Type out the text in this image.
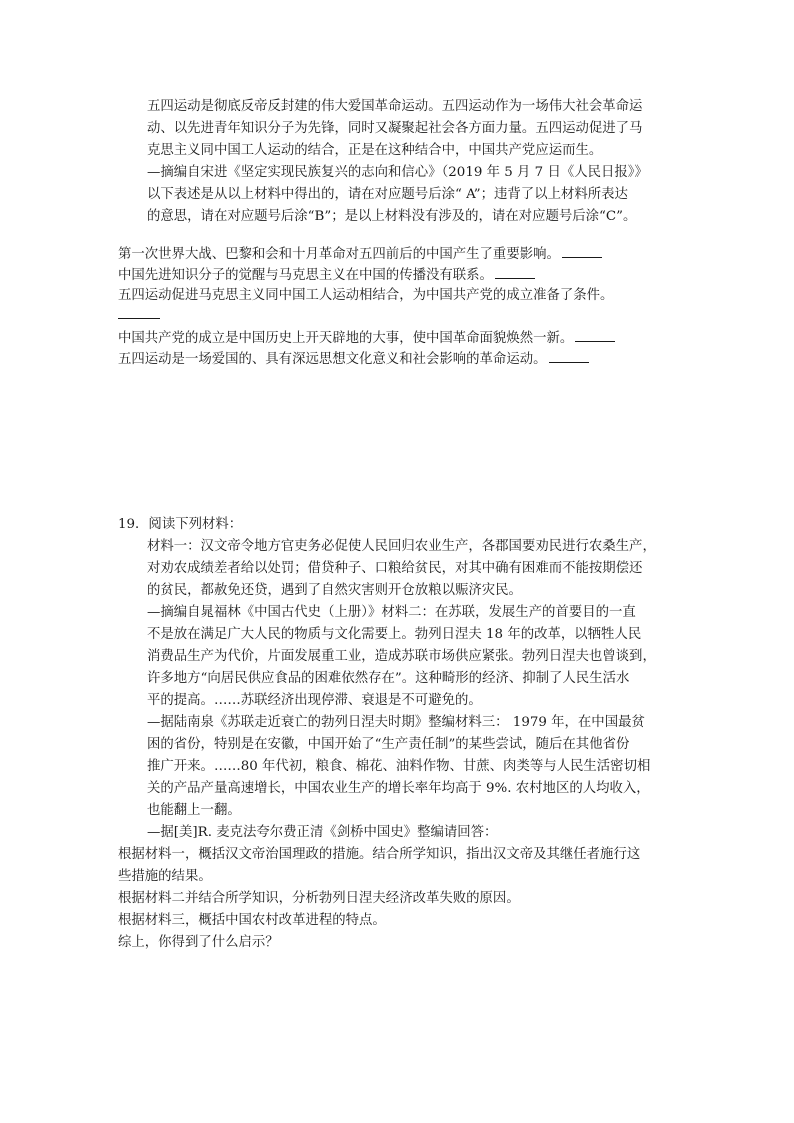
五四运动是彻底反帝反封建的伟大爱国革命运动。五四运动作为一场伟大社会革命运
动、以先进青年知识分子为先锋，同时又凝聚起社会各方面力量。五四运动促进了马
克思主义同中国工人运动的结合，正是在这种结合中，中国共产党应运而生。
—摘编自宋进《坚定实现民族复兴的志向和信心》（2019 年 5 月 7 日《人民日报》》
以下表述是从以上材料中得出的，请在对应题号后涂“ A”；违背了以上材料所表达
的意思，请在对应题号后涂“B”；是以上材料没有涉及的，请在对应题号后涂“C”。
第一次世界大战、巴黎和会和十月革命对五四前后的中国产生了重要影响。
中国先进知识分子的觉醒与马克思主义在中国的传播没有联系。
五四运动促进马克思主义同中国工人运动相结合，为中国共产党的成立准备了条件。
中国共产党的成立是中国历史上开天辟地的大事，使中国革命面貌焕然一新。
五四运动是一场爱国的、具有深远思想文化意义和社会影响的革命运动。
19．阅读下列材料：
材料一：汉文帝令地方官吏务必促使人民回归农业生产，各郡国要劝民进行农桑生产，
对劝农成绩差者给以处罚；借贷种子、口粮给贫民，对其中确有困难而不能按期偿还
的贫民，都赦免还贷，遇到了自然灾害则开仓放粮以赈济灾民。
—摘编自晁福林《中国古代史（上册）》材料二：在苏联，发展生产的首要目的一直
不是放在满足广大人民的物质与文化需要上。勃列日涅夫 18 年的改革，以牺牲人民
消费品生产为代价，片面发展重工业，造成苏联市场供应紧张。勃列日涅夫也曾谈到，
许多地方“向居民供应食品的困难依然存在”。这种畸形的经济、抑制了人民生活水
平的提高。……苏联经济出现停滞、衰退是不可避免的。
—据陆南泉《苏联走近衰亡的勃列日涅夫时期》整编材料三： 1979 年，在中国最贫
困的省份，特别是在安徽，中国开始了“生产责任制”的某些尝试，随后在其他省份
推广开来。……80 年代初，粮食、棉花、油料作物、甘蔗、肉类等与人民生活密切相
关的产品产量高速增长，中国农业生产的增长率年均高于 9%. 农村地区的人均收入，
也能翻上一翻。
—据[美]R. 麦克法夸尔费正清《剑桥中国史》整编请回答：
根据材料一，概括汉文帝治国理政的措施。结合所学知识，指出汉文帝及其继任者施行这
些措施的结果。
根据材料二并结合所学知识，分析勃列日涅夫经济改革失败的原因。
根据材料三，概括中国农村改革进程的特点。
综上，你得到了什么启示？
